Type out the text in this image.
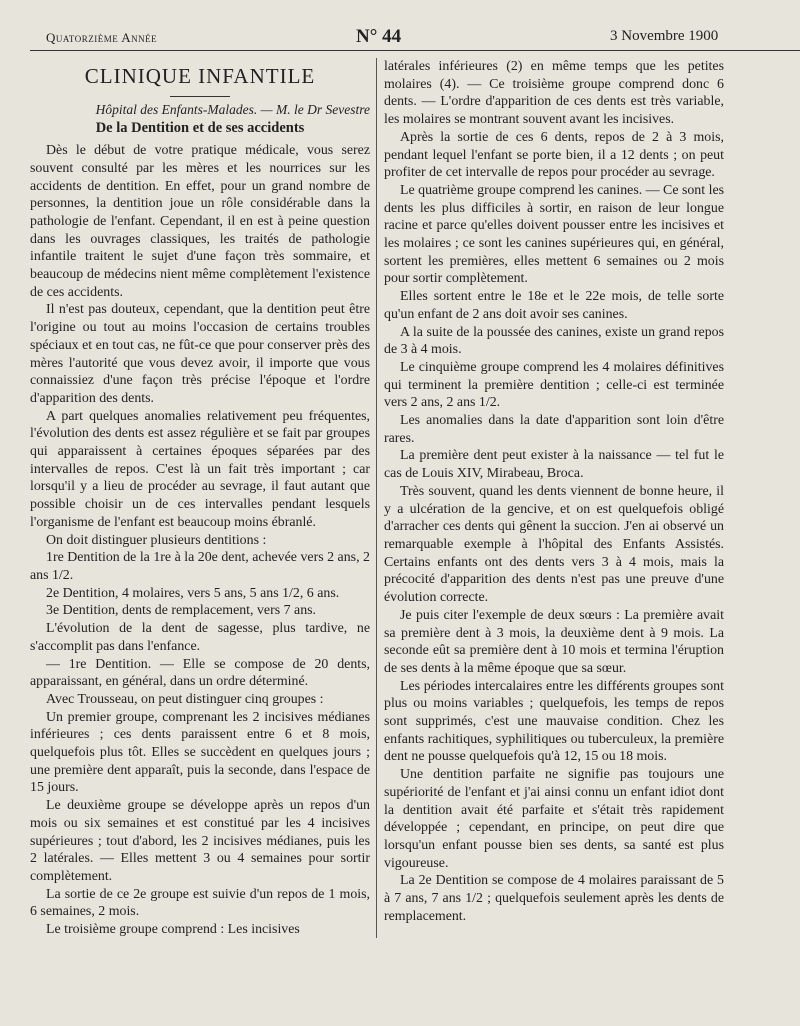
Quatorzième Année	N° 44	3 Novembre 1900
CLINIQUE INFANTILE
Hôpital des Enfants-Malades. — M. le Dr Sevestre
De la Dentition et de ses accidents

Dès le début de votre pratique médicale, vous serez souvent consulté par les mères et les nourrices sur les accidents de dentition. En effet, pour un grand nombre de personnes, la dentition joue un rôle considérable dans la pathologie de l'enfant. Cependant, il en est à peine question dans les ouvrages classiques, les traités de pathologie infantile traitent le sujet d'une façon très sommaire, et beaucoup de médecins nient même complètement l'existence de ces accidents.

Il n'est pas douteux, cependant, que la dentition peut être l'origine ou tout au moins l'occasion de certains troubles spéciaux et en tout cas, ne fût-ce que pour conserver près des mères l'autorité que vous devez avoir, il importe que vous connaissiez d'une façon très précise l'époque et l'ordre d'apparition des dents.

A part quelques anomalies relativement peu fréquentes, l'évolution des dents est assez régulière et se fait par groupes qui apparaissent à certaines époques séparées par des intervalles de repos. C'est là un fait très important ; car lorsqu'il y a lieu de procéder au sevrage, il faut autant que possible choisir un de ces intervalles pendant lesquels l'organisme de l'enfant est beaucoup moins ébranlé.

On doit distinguer plusieurs dentitions :

1re Dentition de la 1re à la 20e dent, achevée vers 2 ans, 2 ans 1/2.

2e Dentition, 4 molaires, vers 5 ans, 5 ans 1/2, 6 ans.

3e Dentition, dents de remplacement, vers 7 ans.

L'évolution de la dent de sagesse, plus tardive, ne s'accomplit pas dans l'enfance.

— 1re Dentition. — Elle se compose de 20 dents, apparaissant, en général, dans un ordre déterminé.

Avec Trousseau, on peut distinguer cinq groupes :

Un premier groupe, comprenant les 2 incisives médianes inférieures ; ces dents paraissent entre 6 et 8 mois, quelquefois plus tôt. Elles se succèdent en quelques jours ; une première dent apparaît, puis la seconde, dans l'espace de 15 jours.

Le deuxième groupe se développe après un repos d'un mois ou six semaines et est constitué par les 4 incisives supérieures ; tout d'abord, les 2 incisives médianes, puis les 2 latérales. — Elles mettent 3 ou 4 semaines pour sortir complètement.

La sortie de ce 2e groupe est suivie d'un repos de 1 mois, 6 semaines, 2 mois.

Le troisième groupe comprend : Les incisives

latérales inférieures (2) en même temps que les petites molaires (4). — Ce troisième groupe comprend donc 6 dents. — L'ordre d'apparition de ces dents est très variable, les molaires se montrant souvent avant les incisives.

Après la sortie de ces 6 dents, repos de 2 à 3 mois, pendant lequel l'enfant se porte bien, il a 12 dents ; on peut profiter de cet intervalle de repos pour procéder au sevrage.

Le quatrième groupe comprend les canines. — Ce sont les dents les plus difficiles à sortir, en raison de leur longue racine et parce qu'elles doivent pousser entre les incisives et les molaires ; ce sont les canines supérieures qui, en général, sortent les premières, elles mettent 6 semaines ou 2 mois pour sortir complètement.

Elles sortent entre le 18e et le 22e mois, de telle sorte qu'un enfant de 2 ans doit avoir ses canines.

A la suite de la poussée des canines, existe un grand repos de 3 à 4 mois.

Le cinquième groupe comprend les 4 molaires définitives qui terminent la première dentition ; celle-ci est terminée vers 2 ans, 2 ans 1/2.

Les anomalies dans la date d'apparition sont loin d'être rares.

La première dent peut exister à la naissance — tel fut le cas de Louis XIV, Mirabeau, Broca.

Très souvent, quand les dents viennent de bonne heure, il y a ulcération de la gencive, et on est quelquefois obligé d'arracher ces dents qui gênent la succion. J'en ai observé un remarquable exemple à l'hôpital des Enfants Assistés. Certains enfants ont des dents vers 3 à 4 mois, mais la précocité d'apparition des dents n'est pas une preuve d'une évolution correcte.

Je puis citer l'exemple de deux sœurs : La première avait sa première dent à 3 mois, la deuxième dent à 9 mois. La seconde eût sa première dent à 10 mois et termina l'éruption de ses dents à la même époque que sa sœur.

Les périodes intercalaires entre les différents groupes sont plus ou moins variables ; quelquefois, les temps de repos sont supprimés, c'est une mauvaise condition. Chez les enfants rachitiques, syphilitiques ou tuberculeux, la première dent ne pousse quelquefois qu'à 12, 15 ou 18 mois.

Une dentition parfaite ne signifie pas toujours une supériorité de l'enfant et j'ai ainsi connu un enfant idiot dont la dentition avait été parfaite et s'était très rapidement développée ; cependant, en principe, on peut dire que lorsqu'un enfant pousse bien ses dents, sa santé est plus vigoureuse.

La 2e Dentition se compose de 4 molaires paraissant de 5 à 7 ans, 7 ans 1/2 ; quelquefois seulement après les dents de remplacement.
